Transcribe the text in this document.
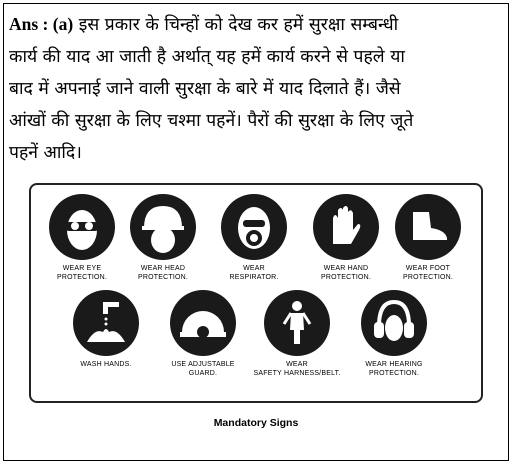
Ans : (a) इस प्रकार के चिन्हों को देख कर हमें सुरक्षा सम्बन्धी
कार्य की याद आ जाती है अर्थात् यह हमें कार्य करने से पहले या
बाद में अपनाई जाने वाली सुरक्षा के बारे में याद दिलाते हैं। जैसे
आंखों की सुरक्षा के लिए चश्मा पहनें। पैरों की सुरक्षा के लिए जूते
पहनें आदि।
WEAR EYE
PROTECTION.
WEAR HEAD
PROTECTION.
WEAR
RESPIRATOR.
WEAR HAND
PROTECTION.
WEAR FOOT
PROTECTION.
WASH HANDS.	USE ADJUSTABLE
GUARD.
WEAR
SAFETY HARNESS/BELT.
WEAR HEARING
PROTECTION.
Mandatory Signs
